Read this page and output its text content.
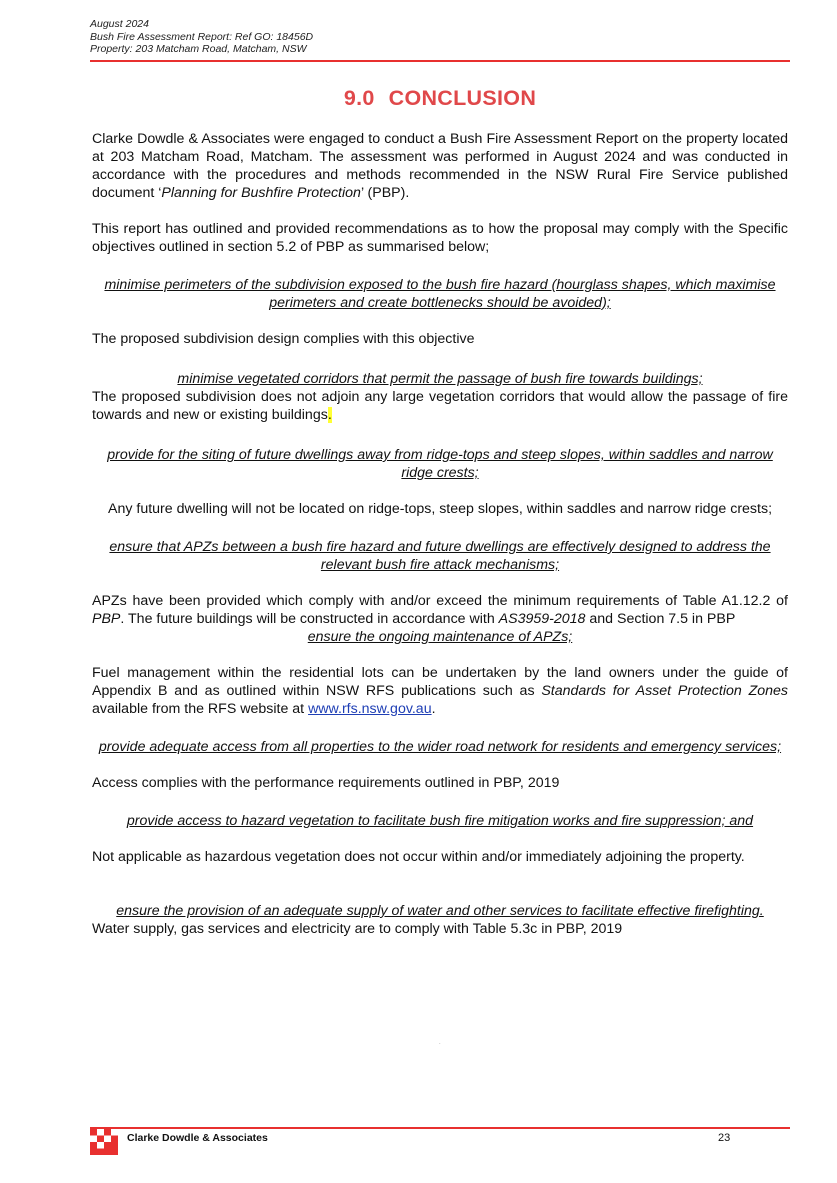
August 2024
Bush Fire Assessment Report: Ref GO: 18456D
Property: 203 Matcham Road, Matcham, NSW
9.0 CONCLUSION

Clarke Dowdle & Associates were engaged to conduct a Bush Fire Assessment Report on the property located at 203 Matcham Road, Matcham. The assessment was performed in August 2024 and was conducted in accordance with the procedures and methods recommended in the NSW Rural Fire Service published document ‘Planning for Bushfire Protection’ (PBP).

This report has outlined and provided recommendations as to how the proposal may comply with the Specific objectives outlined in section 5.2 of PBP as summarised below;

minimise perimeters of the subdivision exposed to the bush fire hazard (hourglass shapes, which maximise perimeters and create bottlenecks should be avoided);

The proposed subdivision design complies with this objective

minimise vegetated corridors that permit the passage of bush fire towards buildings;

The proposed subdivision does not adjoin any large vegetation corridors that would allow the passage of fire towards and new or existing buildings.

provide for the siting of future dwellings away from ridge-tops and steep slopes, within saddles and narrow ridge crests;

Any future dwelling will not be located on ridge-tops, steep slopes, within saddles and narrow ridge crests;

ensure that APZs between a bush fire hazard and future dwellings are effectively designed to address the relevant bush fire attack mechanisms;

APZs have been provided which comply with and/or exceed the minimum requirements of Table A1.12.2 of PBP. The future buildings will be constructed in accordance with AS3959-2018 and Section 7.5 in PBP

ensure the ongoing maintenance of APZs;

Fuel management within the residential lots can be undertaken by the land owners under the guide of Appendix B and as outlined within NSW RFS publications such as Standards for Asset Protection Zones available from the RFS website at www.rfs.nsw.gov.au.

provide adequate access from all properties to the wider road network for residents and emergency services;

Access complies with the performance requirements outlined in PBP, 2019

provide access to hazard vegetation to facilitate bush fire mitigation works and fire suppression; and

Not applicable as hazardous vegetation does not occur within and/or immediately adjoining the property.

ensure the provision of an adequate supply of water and other services to facilitate effective firefighting.

Water supply, gas services and electricity are to comply with Table 5.3c in PBP, 2019

.
Clarke Dowdle & Associates	23
